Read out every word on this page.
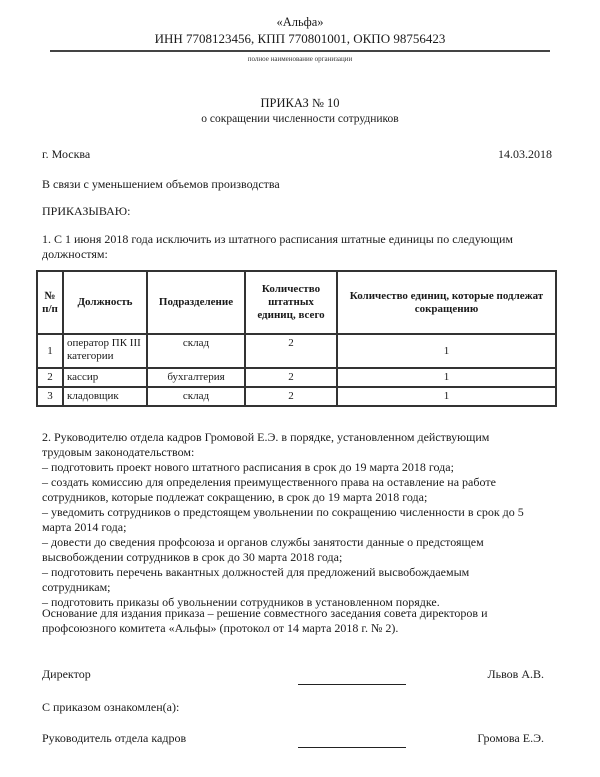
«Альфа»
ИНН 7708123456, КПП 770801001, ОКПО 98756423
полное наименование организации
ПРИКАЗ № 10
о сокращении численности сотрудников
г. Москва	14.03.2018
В связи с уменьшением объемов производства
ПРИКАЗЫВАЮ:
1. С 1 июня 2018 года исключить из штатного расписания штатные единицы по следующим должностям:
№ п/п	Должность	Подразделение	Количество штатных единиц, всего	Количество единиц, которые подлежат сокращению
1	оператор ПК III категории	склад	2	1
2	кассир	бухгалтерия	2	1
3	кладовщик	склад	2	1
2. Руководителю отдела кадров Громовой Е.Э. в порядке, установленном действующим
трудовым законодательством:
– подготовить проект нового штатного расписания в срок до 19 марта 2018 года;
– создать комиссию для определения преимущественного права на оставление на работе
сотрудников, которые подлежат сокращению, в срок до 19 марта 2018 года;
– уведомить сотрудников о предстоящем увольнении по сокращению численности в срок до 5
марта 2014 года;
– довести до сведения профсоюза и органов службы занятости данные о предстоящем
высвобождении сотрудников в срок до 30 марта 2018 года;
– подготовить перечень вакантных должностей для предложений высвобождаемым
сотрудникам;
– подготовить приказы об увольнении сотрудников в установленном порядке.
Основание для издания приказа – решение совместного заседания совета директоров и профсоюзного комитета «Альфы» (протокол от 14 марта 2018 г. № 2).
Директор	Львов А.В.
С приказом ознакомлен(а):
Руководитель отдела кадров	Громова Е.Э.
